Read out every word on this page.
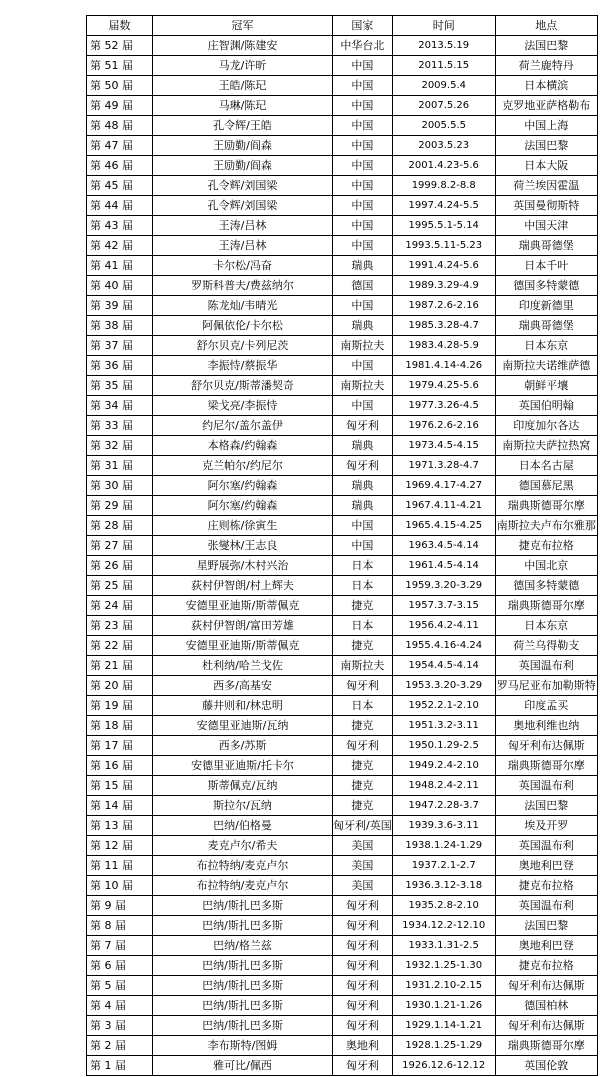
届数	冠军	国家	时间	地点
第 52 届	庄智渊/陈建安	中华台北	2013.5.19	法国巴黎
第 51 届	马龙/许昕	中国	2011.5.15	荷兰鹿特丹
第 50 届	王皓/陈玘	中国	2009.5.4	日本横滨
第 49 届	马琳/陈玘	中国	2007.5.26	克罗地亚萨格勒布
第 48 届	孔令辉/王皓	中国	2005.5.5	中国上海
第 47 届	王励勤/阎森	中国	2003.5.23	法国巴黎
第 46 届	王励勤/阎森	中国	2001.4.23-5.6	日本大阪
第 45 届	孔令辉/刘国梁	中国	1999.8.2-8.8	荷兰埃因霍温
第 44 届	孔令辉/刘国梁	中国	1997.4.24-5.5	英国曼彻斯特
第 43 届	王涛/吕林	中国	1995.5.1-5.14	中国天津
第 42 届	王涛/吕林	中国	1993.5.11-5.23	瑞典哥德堡
第 41 届	卡尔松/冯奋	瑞典	1991.4.24-5.6	日本千叶
第 40 届	罗斯科普夫/费兹纳尔	德国	1989.3.29-4.9	德国多特蒙德
第 39 届	陈龙灿/韦晴光	中国	1987.2.6-2.16	印度新德里
第 38 届	阿佩依伦/卡尔松	瑞典	1985.3.28-4.7	瑞典哥德堡
第 37 届	舒尔贝克/卡列尼茨	南斯拉夫	1983.4.28-5.9	日本东京
第 36 届	李振恃/蔡振华	中国	1981.4.14-4.26	南斯拉夫诺维萨德
第 35 届	舒尔贝克/斯蒂潘契奇	南斯拉夫	1979.4.25-5.6	朝鲜平壤
第 34 届	梁戈亮/李振恃	中国	1977.3.26-4.5	英国伯明翰
第 33 届	约尼尔/盖尔盖伊	匈牙利	1976.2.6-2.16	印度加尔各达
第 32 届	本格森/约翰森	瑞典	1973.4.5-4.15	南斯拉夫萨拉热窝
第 31 届	克兰帕尔/约尼尔	匈牙利	1971.3.28-4.7	日本名古屋
第 30 届	阿尔塞/约翰森	瑞典	1969.4.17-4.27	德国慕尼黑
第 29 届	阿尔塞/约翰森	瑞典	1967.4.11-4.21	瑞典斯德哥尔摩
第 28 届	庄则栋/徐寅生	中国	1965.4.15-4.25	南斯拉夫卢布尔雅那
第 27 届	张燮林/王志良	中国	1963.4.5-4.14	捷克布拉格
第 26 届	星野展弥/木村兴治	日本	1961.4.5-4.14	中国北京
第 25 届	荻村伊智朗/村上辉夫	日本	1959.3.20-3.29	德国多特蒙德
第 24 届	安德里亚迪斯/斯蒂佩克	捷克	1957.3.7-3.15	瑞典斯德哥尔摩
第 23 届	荻村伊智朗/富田芳雄	日本	1956.4.2-4.11	日本东京
第 22 届	安德里亚迪斯/斯蒂佩克	捷克	1955.4.16-4.24	荷兰乌得勒支
第 21 届	杜利纳/哈兰戈佐	南斯拉夫	1954.4.5-4.14	英国温布利
第 20 届	西多/高基安	匈牙利	1953.3.20-3.29	罗马尼亚布加勒斯特
第 19 届	藤井则和/林忠明	日本	1952.2.1-2.10	印度孟买
第 18 届	安德里亚迪斯/瓦纳	捷克	1951.3.2-3.11	奥地利维也纳
第 17 届	西多/苏斯	匈牙利	1950.1.29-2.5	匈牙利布达佩斯
第 16 届	安德里亚迪斯/托卡尔	捷克	1949.2.4-2.10	瑞典斯德哥尔摩
第 15 届	斯蒂佩克/瓦纳	捷克	1948.2.4-2.11	英国温布利
第 14 届	斯拉尔/瓦纳	捷克	1947.2.28-3.7	法国巴黎
第 13 届	巴纳/伯格曼	匈牙利/英国	1939.3.6-3.11	埃及开罗
第 12 届	麦克卢尔/希夫	美国	1938.1.24-1.29	英国温布利
第 11 届	布拉特纳/麦克卢尔	美国	1937.2.1-2.7	奥地利巴登
第 10 届	布拉特纳/麦克卢尔	美国	1936.3.12-3.18	捷克布拉格
第 9 届	巴纳/斯扎巴多斯	匈牙利	1935.2.8-2.10	英国温布利
第 8 届	巴纳/斯扎巴多斯	匈牙利	1934.12.2-12.10	法国巴黎
第 7 届	巴纳/格兰兹	匈牙利	1933.1.31-2.5	奥地利巴登
第 6 届	巴纳/斯扎巴多斯	匈牙利	1932.1.25-1.30	捷克布拉格
第 5 届	巴纳/斯扎巴多斯	匈牙利	1931.2.10-2.15	匈牙利布达佩斯
第 4 届	巴纳/斯扎巴多斯	匈牙利	1930.1.21-1.26	德国柏林
第 3 届	巴纳/斯扎巴多斯	匈牙利	1929.1.14-1.21	匈牙利布达佩斯
第 2 届	李布斯特/图姆	奥地利	1928.1.25-1.29	瑞典斯德哥尔摩
第 1 届	雅可比/佩西	匈牙利	1926.12.6-12.12	英国伦敦
